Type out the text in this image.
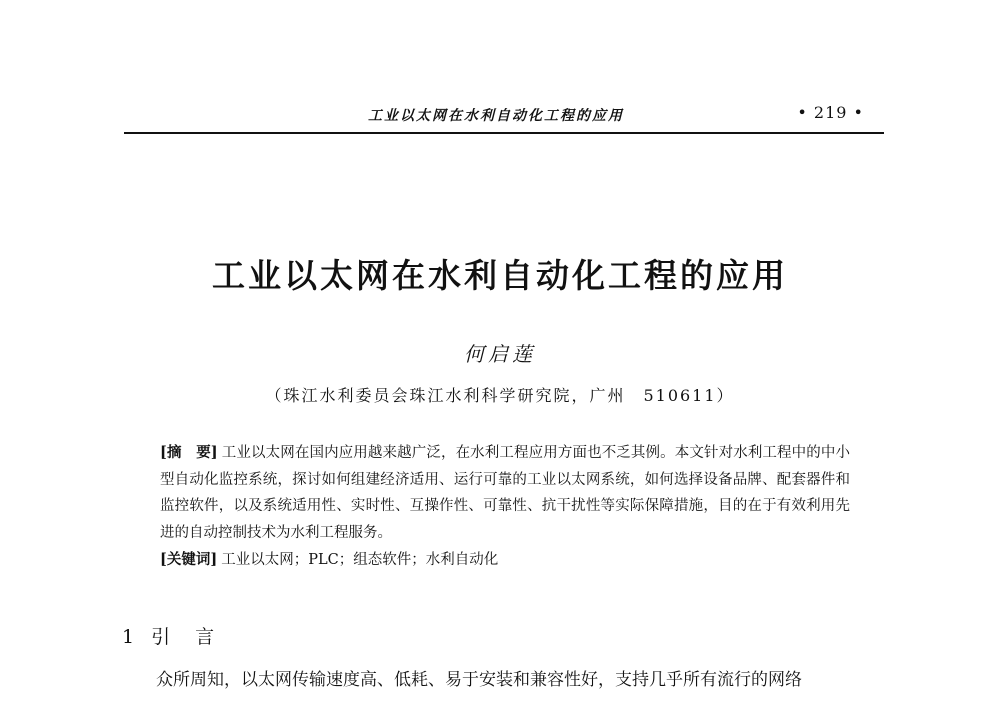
工业以太网在水利自动化工程的应用	• 219 •
工业以太网在水利自动化工程的应用
何启莲
（珠江水利委员会珠江水利科学研究院，广州　510611）
[摘　要] 工业以太网在国内应用越来越广泛，在水利工程应用方面也不乏其例。本文针对水利工程中的中小型自动化监控系统，探讨如何组建经济适用、运行可靠的工业以太网系统，如何选择设备品牌、配套器件和监控软件，以及系统适用性、实时性、互操作性、可靠性、抗干扰性等实际保障措施，目的在于有效利用先进的自动控制技术为水利工程服务。
[关键词] 工业以太网；PLC；组态软件；水利自动化
1 引　言
众所周知，以太网传输速度高、低耗、易于安装和兼容性好，支持几乎所有流行的网络
